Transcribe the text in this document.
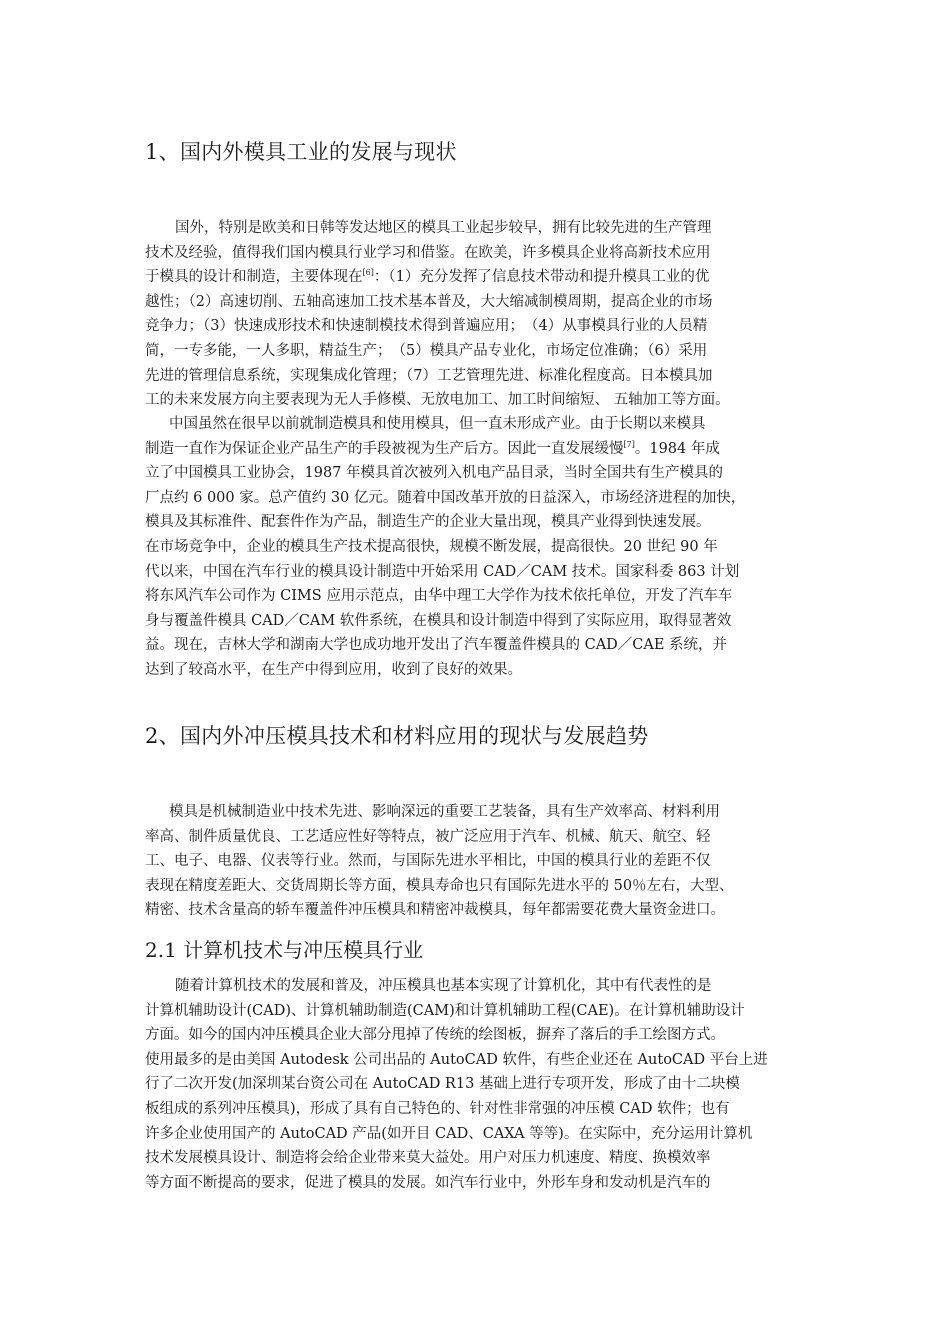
1、国内外模具工业的发展与现状
国外，特别是欧美和日韩等发达地区的模具工业起步较早，拥有比较先进的生产管理
技术及经验，值得我们国内模具行业学习和借鉴。在欧美，许多模具企业将高新技术应用
于模具的设计和制造，主要体现在[6]：（1）充分发挥了信息技术带动和提升模具工业的优
越性；（2）高速切削、五轴高速加工技术基本普及，大大缩减制模周期，提高企业的市场
竞争力；（3）快速成形技术和快速制模技术得到普遍应用；　（4）从事模具行业的人员精
简，一专多能，一人多职，精益生产；　（5）模具产品专业化，市场定位准确；（6）采用
先进的管理信息系统，实现集成化管理；（7）工艺管理先进、标准化程度高。日本模具加
工的未来发展方向主要表现为无人手修模、无放电加工、加工时间缩短、 五轴加工等方面。
中国虽然在很早以前就制造模具和使用模具，但一直未形成产业。由于长期以来模具
制造一直作为保证企业产品生产的手段被视为生产后方。因此一直发展缓慢[7]。1984 年成
立了中国模具工业协会，1987 年模具首次被列入机电产品目录，当时全国共有生产模具的
厂点约 6 000 家。总产值约 30 亿元。随着中国改革开放的日益深入，市场经济进程的加快，
模具及其标准件、配套件作为产品，制造生产的企业大量出现，模具产业得到快速发展。
在市场竞争中，企业的模具生产技术提高很快，规模不断发展，提高很快。20 世纪 90 年
代以来，中国在汽车行业的模具设计制造中开始采用 CAD／CAM 技术。国家科委 863 计划
将东风汽车公司作为 CIMS 应用示范点，由华中理工大学作为技术依托单位，开发了汽车车
身与覆盖件模具 CAD／CAM 软件系统，在模具和设计制造中得到了实际应用，取得显著效
益。现在，吉林大学和湖南大学也成功地开发出了汽车覆盖件模具的 CAD／CAE 系统，并
达到了较高水平，在生产中得到应用，收到了良好的效果。
2、国内外冲压模具技术和材料应用的现状与发展趋势
模具是机械制造业中技术先进、影响深远的重要工艺装备，具有生产效率高、材料利用
率高、制件质量优良、工艺适应性好等特点，被广泛应用于汽车、机械、航天、航空、轻
工、电子、电器、仪表等行业。然而，与国际先进水平相比，中国的模具行业的差距不仅
表现在精度差距大、交货周期长等方面，模具寿命也只有国际先进水平的 50％左右，大型、
精密、技术含量高的轿车覆盖件冲压模具和精密冲裁模具，每年都需要花费大量资金进口。
2.1 计算机技术与冲压模具行业
随着计算机技术的发展和普及，冲压模具也基本实现了计算机化，其中有代表性的是
计算机辅助设计(CAD)、计算机辅助制造(CAM)和计算机辅助工程(CAE)。在计算机辅助设计
方面。如今的国内冲压模具企业大部分甩掉了传统的绘图板，摒弃了落后的手工绘图方式。
使用最多的是由美国 Autodesk 公司出品的 AutoCAD 软件，有些企业还在 AutoCAD 平台上进
行了二次开发(加深圳某台资公司在 AutoCAD R13 基础上进行专项开发，形成了由十二块模
板组成的系列冲压模具)，形成了具有自己特色的、针对性非常强的冲压模 CAD 软件；也有
许多企业使用国产的 AutoCAD 产品(如开目 CAD、CAXA 等等)。在实际中，充分运用计算机
技术发展模具设计、制造将会给企业带来莫大益处。用户对压力机速度、精度、换模效率
等方面不断提高的要求，促进了模具的发展。如汽车行业中，外形车身和发动机是汽车的
